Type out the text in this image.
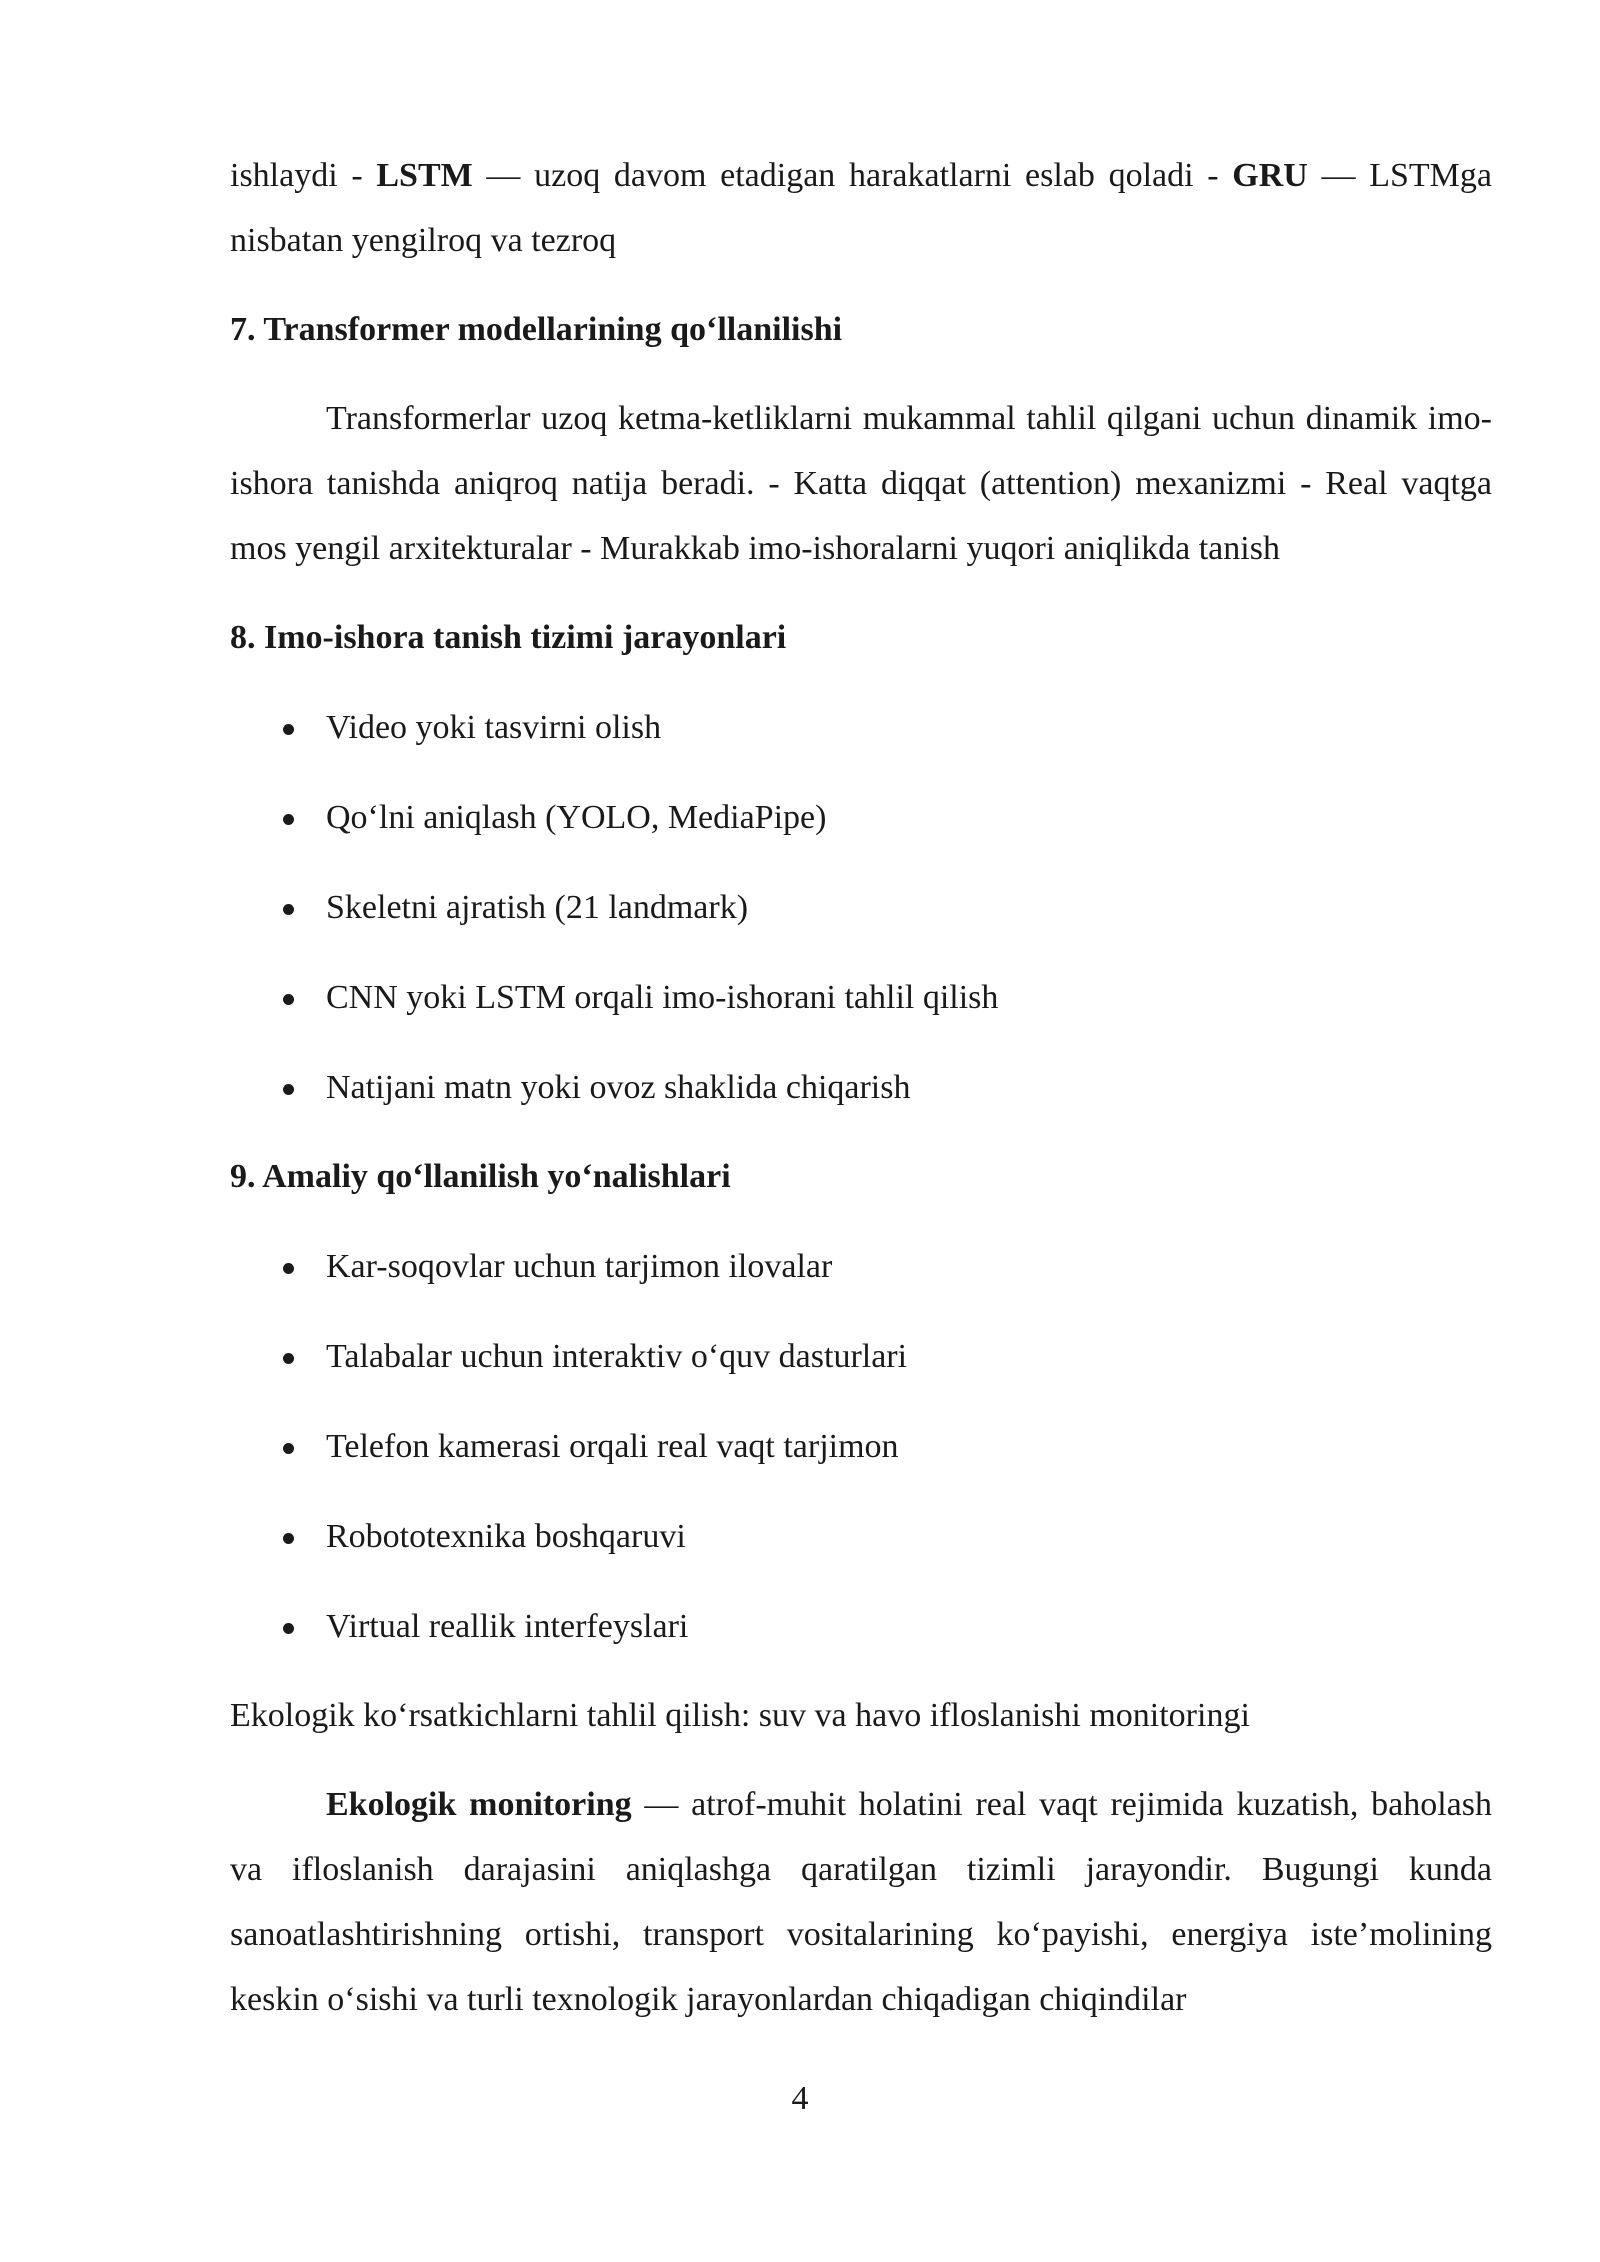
ishlaydi - LSTM — uzoq davom etadigan harakatlarni eslab qoladi - GRU — LSTMga nisbatan yengilroq va tezroq

7. Transformer modellarining qo‘llanilishi

Transformerlar uzoq ketma-ketliklarni mukammal tahlil qilgani uchun dinamik imo-ishora tanishda aniqroq natija beradi. - Katta diqqat (attention) mexanizmi - Real vaqtga mos yengil arxitekturalar - Murakkab imo-ishoralarni yuqori aniqlikda tanish

8. Imo-ishora tanish tizimi jarayonlari

Video yoki tasvirni olish
Qo‘lni aniqlash (YOLO, MediaPipe)
Skeletni ajratish (21 landmark)
CNN yoki LSTM orqali imo-ishorani tahlil qilish
Natijani matn yoki ovoz shaklida chiqarish

9. Amaliy qo‘llanilish yo‘nalishlari

Kar-soqovlar uchun tarjimon ilovalar
Talabalar uchun interaktiv o‘quv dasturlari
Telefon kamerasi orqali real vaqt tarjimon
Robototexnika boshqaruvi
Virtual reallik interfeyslari

Ekologik ko‘rsatkichlarni tahlil qilish: suv va havo ifloslanishi monitoringi

Ekologik monitoring — atrof-muhit holatini real vaqt rejimida kuzatish, baholash va ifloslanish darajasini aniqlashga qaratilgan tizimli jarayondir. Bugungi kunda sanoatlashtirishning ortishi, transport vositalarining ko‘payishi, energiya iste’molining keskin o‘sishi va turli texnologik jarayonlardan chiqadigan chiqindilar

4
